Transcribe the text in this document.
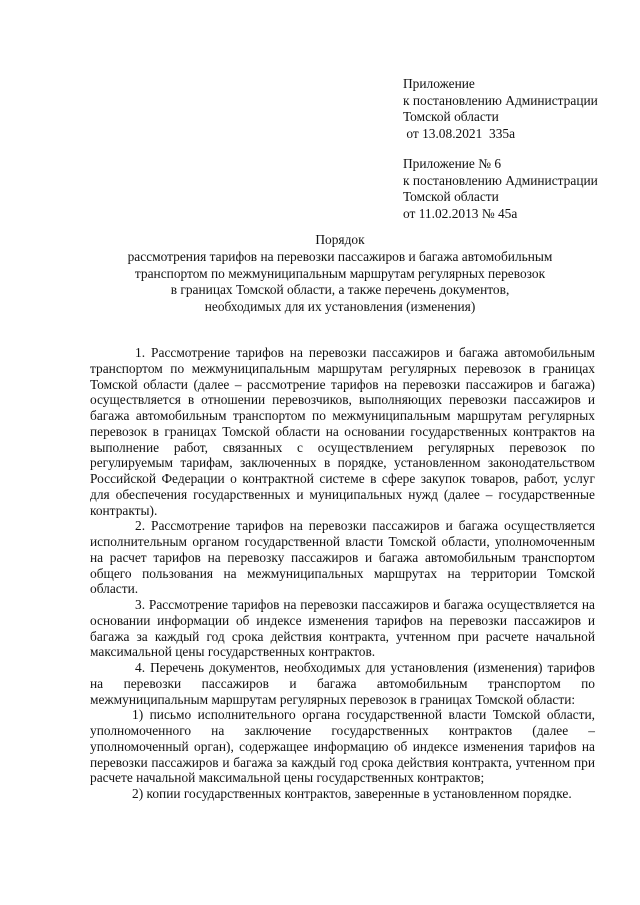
Приложение
к постановлению Администрации
Томской области
от 13.08.2021  335а
Приложение № 6
к постановлению Администрации
Томской области
от 11.02.2013 № 45а
Порядок
рассмотрения тарифов на перевозки пассажиров и багажа автомобильным
транспортом по межмуниципальным маршрутам регулярных перевозок
в границах Томской области, а также перечень документов,
необходимых для их установления (изменения)

1. Рассмотрение тарифов на перевозки пассажиров и багажа автомобильным транспортом по межмуниципальным маршрутам регулярных перевозок в границах Томской области (далее – рассмотрение тарифов на перевозки пассажиров и багажа) осуществляется в отношении перевозчиков, выполняющих перевозки пассажиров и багажа автомобильным транспортом по межмуниципальным маршрутам регулярных перевозок в границах Томской области на основании государственных контрактов на выполнение работ, связанных с осуществлением регулярных перевозок по регулируемым тарифам, заключенных в порядке, установленном законодательством Российской Федерации о контрактной системе в сфере закупок товаров, работ, услуг для обеспечения государственных и муниципальных нужд (далее – государственные контракты).

2. Рассмотрение тарифов на перевозки пассажиров и багажа осуществляется исполнительным органом государственной власти Томской области, уполномоченным на расчет тарифов на перевозку пассажиров и багажа автомобильным транспортом общего пользования на межмуниципальных маршрутах на территории Томской области.

3. Рассмотрение тарифов на перевозки пассажиров и багажа осуществляется на основании информации об индексе изменения тарифов на перевозки пассажиров и багажа за каждый год срока действия контракта, учтенном при расчете начальной максимальной цены государственных контрактов.

4. Перечень документов, необходимых для установления (изменения) тарифов на перевозки пассажиров и багажа автомобильным транспортом по межмуниципальным маршрутам регулярных перевозок в границах Томской области:

1) письмо исполнительного органа государственной власти Томской области, уполномоченного на заключение государственных контрактов (далее – уполномоченный орган), содержащее информацию об индексе изменения тарифов на перевозки пассажиров и багажа за каждый год срока действия контракта, учтенном при расчете начальной максимальной цены государственных контрактов;

2) копии государственных контрактов, заверенные в установленном порядке.
